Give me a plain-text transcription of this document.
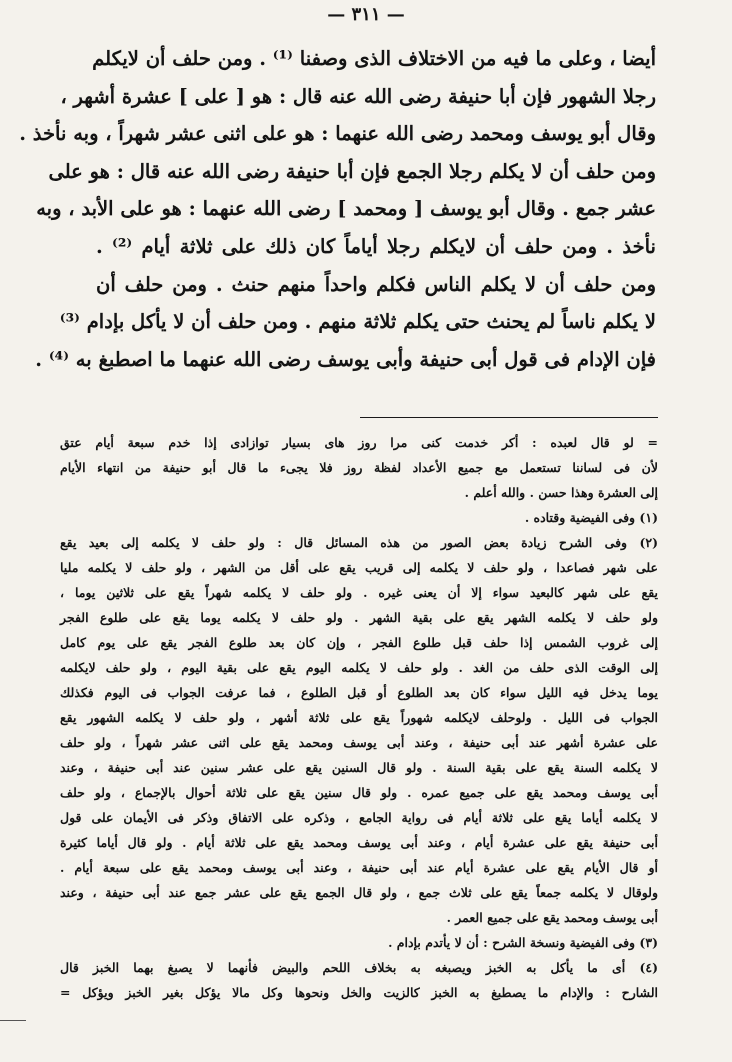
— ٣١١ —
أيضا ، وعلى ما فيه من الاختلاف الذى وصفنا ⁽¹⁾ . ومن حلف أن لايكلم
رجلا الشهور فإن أبا حنيفة رضى الله عنه قال : هو [ على ] عشرة أشهر ،
وقال أبو يوسف ومحمد رضى الله عنهما : هو على اثنى عشر شهراً ، وبه نأخذ .
ومن حلف أن لا يكلم رجلا الجمع فإن أبا حنيفة رضى الله عنه قال : هو على
عشر جمع . وقال أبو يوسف [ ومحمد ] رضى الله عنهما : هو على الأبد ، وبه
نأخذ . ومن حلف أن لايكلم رجلا أياماً كان ذلك على ثلاثة أيام ⁽²⁾ .
ومن حلف أن لا يكلم الناس فكلم واحداً منهم حنث . ومن حلف أن
لا يكلم ناساً لم يحنث حتى يكلم ثلاثة منهم . ومن حلف أن لا يأكل بإدام ⁽³⁾
فإن الإدام فى قول أبى حنيفة وأبى يوسف رضى الله عنهما ما اصطبغ به ⁽⁴⁾ .
= لو قال لعبده : أكر خدمت كنى مرا روز هاى بسيار توازادى إذا خدم سبعة أيام عتق
لأن فى لساننا تستعمل مع جميع الأعداد لفظة روز فلا يجىء ما قال أبو حنيفة من انتهاء الأيام
إلى العشرة وهذا حسن . والله أعلم .
(١) وفى الفيضية وقتاده .
(٢) وفى الشرح زيادة بعض الصور من هذه المسائل قال : ولو حلف لا يكلمه إلى بعيد يقع
على شهر فصاعدا ، ولو حلف لا يكلمه إلى قريب يقع على أقل من الشهر ، ولو حلف لا يكلمه مليا
يقع على شهر كالبعيد سواء إلا أن يعنى غيره . ولو حلف لا يكلمه شهراً يقع على ثلاثين يوما ،
ولو حلف لا يكلمه الشهر يقع على بقية الشهر . ولو حلف لا يكلمه يوما يقع على طلوع الفجر
إلى غروب الشمس إذا حلف قبل طلوع الفجر ، وإن كان بعد طلوع الفجر يقع على يوم كامل
إلى الوقت الذى حلف من الغد . ولو حلف لا يكلمه اليوم يقع على بقية اليوم ، ولو حلف لايكلمه
يوما يدخل فيه الليل سواء كان بعد الطلوع أو قبل الطلوع ، فما عرفت الجواب فى اليوم فكذلك
الجواب فى الليل . ولوحلف لايكلمه شهوراً يقع على ثلاثة أشهر ، ولو حلف لا يكلمه الشهور يقع
على عشرة أشهر عند أبى حنيفة ، وعند أبى يوسف ومحمد يقع على اثنى عشر شهراً ، ولو حلف
لا يكلمه السنة يقع على بقية السنة . ولو قال السنين يقع على عشر سنين عند أبى حنيفة ، وعند
أبى يوسف ومحمد يقع على جميع عمره . ولو قال سنين يقع على ثلاثة أحوال بالإجماع ، ولو حلف
لا يكلمه أياما يقع على ثلاثة أيام فى رواية الجامع ، وذكره على الاتفاق وذكر فى الأيمان على قول
أبى حنيفة يقع على عشرة أيام ، وعند أبى يوسف ومحمد يقع على ثلاثة أيام . ولو قال أياما كثيرة
أو قال الأيام يقع على عشرة أيام عند أبى حنيفة ، وعند أبى يوسف ومحمد يقع على سبعة أيام .
ولوقال لا يكلمه جمعاً يقع على ثلاث جمع ، ولو قال الجمع يقع على عشر جمع عند أبى حنيفة ، وعند
أبى يوسف ومحمد يقع على جميع العمر .
(٣) وفى الفيضية ونسخة الشرح : أن لا يأتدم بإدام .
(٤) أى ما يأكل به الخبز ويصبغه به بخلاف اللحم والبيض فأنهما لا يصبغ بهما الخبز قال
الشارح : والإدام ما يصطبغ به الخبز كالزيت والخل ونحوها وكل مالا يؤكل بغير الخبز ويؤكل =
